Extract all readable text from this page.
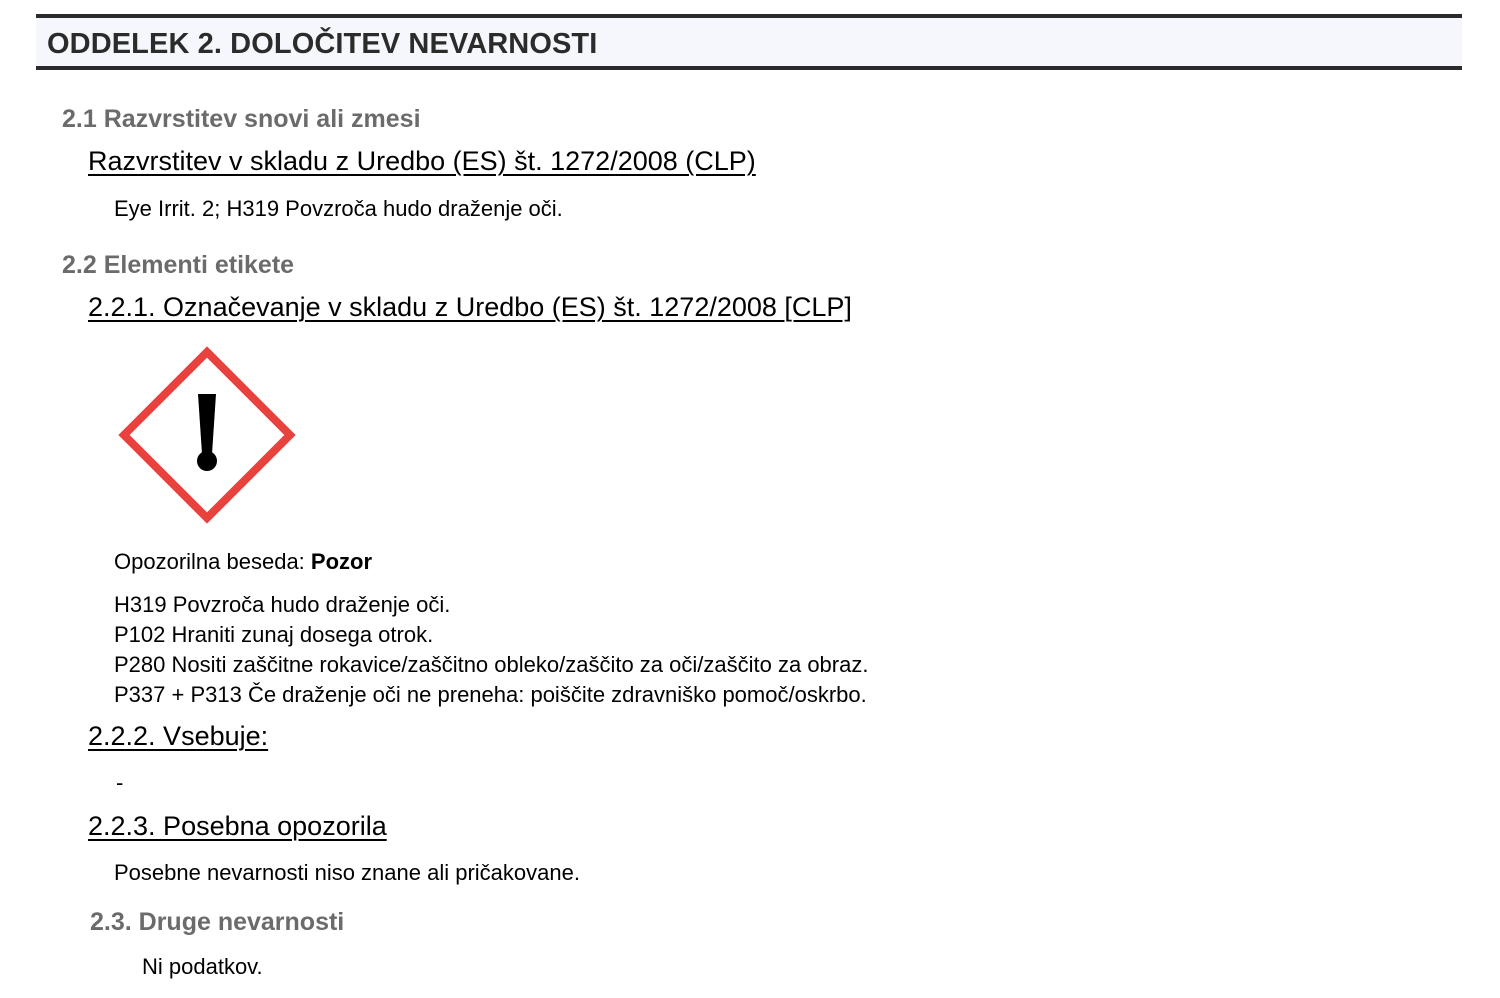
ODDELEK 2. DOLOČITEV NEVARNOSTI
2.1 Razvrstitev snovi ali zmesi
Razvrstitev v skladu z Uredbo (ES) št. 1272/2008 (CLP)
Eye Irrit. 2; H319 Povzroča hudo draženje oči.
2.2 Elementi etikete
2.2.1. Označevanje v skladu z Uredbo (ES) št. 1272/2008 [CLP]
Opozorilna beseda: Pozor
H319 Povzroča hudo draženje oči.
P102 Hraniti zunaj dosega otrok.
P280 Nositi zaščitne rokavice/zaščitno obleko/zaščito za oči/zaščito za obraz.
P337 + P313 Če draženje oči ne preneha: poiščite zdravniško pomoč/oskrbo.
2.2.2. Vsebuje:
-
2.2.3. Posebna opozorila
Posebne nevarnosti niso znane ali pričakovane.
2.3. Druge nevarnosti
Ni podatkov.
